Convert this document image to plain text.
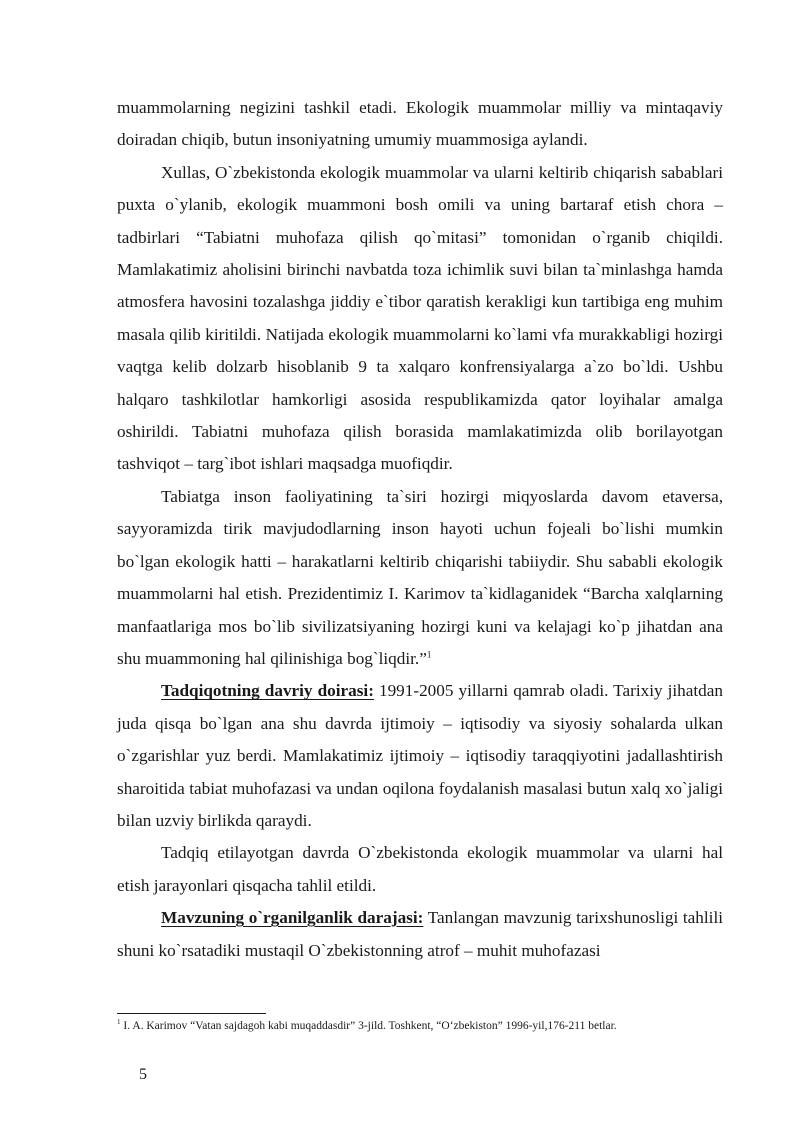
muammolarning negizini tashkil etadi. Ekologik muammolar milliy va mintaqaviy doiradan chiqib, butun insoniyatning umumiy muammosiga aylandi.

Xullas, O`zbekistonda ekologik muammolar va ularni keltirib chiqarish sabablari puxta o`ylanib, ekologik muammoni bosh omili va uning bartaraf etish chora – tadbirlari “Tabiatni muhofaza qilish qo`mitasi” tomonidan o`rganib chiqildi. Mamlakatimiz aholisini birinchi navbatda toza ichimlik suvi bilan ta`minlashga hamda atmosfera havosini tozalashga jiddiy e`tibor qaratish kerakligi kun tartibiga eng muhim masala qilib kiritildi. Natijada ekologik muammolarni ko`lami vfa murakkabligi hozirgi vaqtga kelib dolzarb hisoblanib 9 ta xalqaro konfrensiyalarga a`zo bo`ldi. Ushbu halqaro tashkilotlar hamkorligi asosida respublikamizda qator loyihalar amalga oshirildi. Tabiatni muhofaza qilish borasida mamlakatimizda olib borilayotgan tashviqot – targ`ibot ishlari maqsadga muofiqdir.

Tabiatga inson faoliyatining ta`siri hozirgi miqyoslarda davom etaversa, sayyoramizda tirik mavjudodlarning inson hayoti uchun fojeali bo`lishi mumkin bo`lgan ekologik hatti – harakatlarni keltirib chiqarishi tabiiydir. Shu sababli ekologik muammolarni hal etish. Prezidentimiz I. Karimov ta`kidlaganidek “Barcha xalqlarning manfaatlariga mos bo`lib sivilizatsiyaning hozirgi kuni va kelajagi ko`p jihatdan ana shu muammoning hal qilinishiga bog`liqdir.”$^1$

Tadqiqotning davriy doirasi: 1991-2005 yillarni qamrab oladi. Tarixiy jihatdan juda qisqa bo`lgan ana shu davrda ijtimoiy – iqtisodiy va siyosiy sohalarda ulkan o`zgarishlar yuz berdi. Mamlakatimiz ijtimoiy – iqtisodiy taraqqiyotini jadallashtirish sharoitida tabiat muhofazasi va undan oqilona foydalanish masalasi butun xalq xo`jaligi bilan uzviy birlikda qaraydi.

Tadqiq etilayotgan davrda O`zbekistonda ekologik muammolar va ularni hal etish jarayonlari qisqacha tahlil etildi.

Mavzuning o`rganilganlik darajasi: Tanlangan mavzunig tarixshunosligi tahlili shuni ko`rsatadiki mustaqil O`zbekistonning atrof – muhit muhofazasi

$^1$ I. A. Karimov “Vatan sajdagoh kabi muqaddasdir” 3-jild. Toshkent, “O‘zbekiston” 1996-yil,176-211 betlar.
5
